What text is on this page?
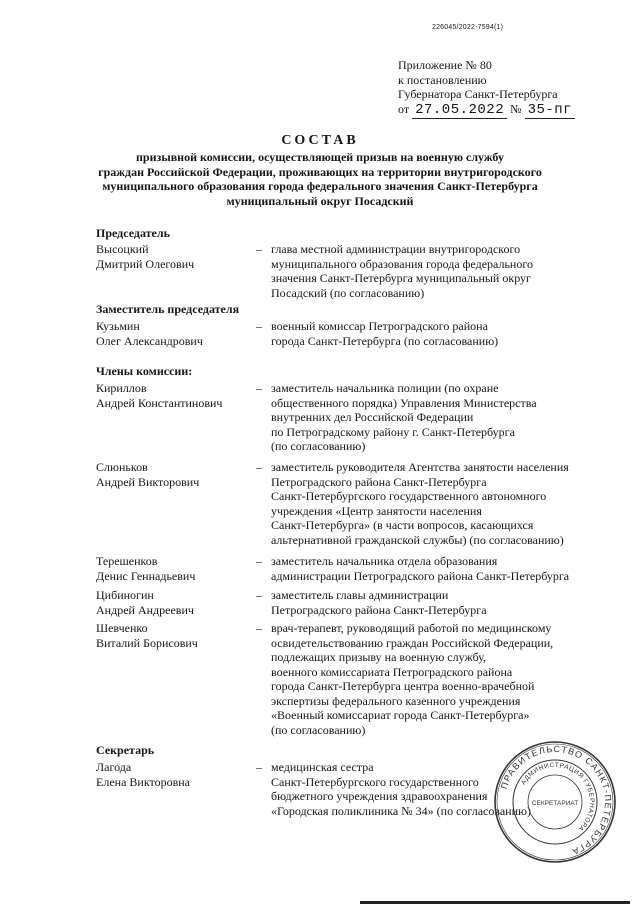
226045/2022-7594(1)
Приложение № 80
к постановлению
Губернатора Санкт-Петербурга
от 27.05.2022 № 35-пг
СОСТАВ
призывной комиссии, осуществляющей призыв на военную службу
граждан Российской Федерации, проживающих на территории внутригородского
муниципального образования города федерального значения Санкт-Петербурга
муниципальный округ Посадский
Председатель
Высоцкий
Дмитрий Олегович
– глава местной администрации внутригородского
муниципального образования города федерального
значения Санкт-Петербурга муниципальный округ
Посадский (по согласованию)
Заместитель председателя
Кузьмин
Олег Александрович
– военный комиссар Петроградского района
города Санкт-Петербурга (по согласованию)
Члены комиссии:
Кириллов
Андрей Константинович
– заместитель начальника полиции (по охране
общественного порядка) Управления Министерства
внутренних дел Российской Федерации
по Петроградскому району г. Санкт-Петербурга
(по согласованию)
Слюньков
Андрей Викторович
– заместитель руководителя Агентства занятости населения
Петроградского района Санкт-Петербурга
Санкт-Петербургского государственного автономного
учреждения «Центр занятости населения
Санкт-Петербурга» (в части вопросов, касающихся
альтернативной гражданской службы) (по согласованию)
Терешенков
Денис Геннадьевич
– заместитель начальника отдела образования
администрации Петроградского района Санкт-Петербурга
Цибиногин
Андрей Андреевич
– заместитель главы администрации
Петроградского района Санкт-Петербурга
Шевченко
Виталий Борисович
– врач-терапевт, руководящий работой по медицинскому
освидетельствованию граждан Российской Федерации,
подлежащих призыву на военную службу,
военного комиссариата Петроградского района
города Санкт-Петербурга центра военно-врачебной
экспертизы федерального казенного учреждения
«Военный комиссариат города Санкт-Петербурга»
(по согласованию)
Секретарь
Лагода
Елена Викторовна
– медицинская сестра
Санкт-Петербургского государственного
бюджетного учреждения здравоохранения
«Городская поликлиника № 34» (по согласованию)
ПРАВИТЕЛЬСТВО САНКТ-ПЕТЕРБУРГА
АДМИНИСТРАЦИЯ ГУБЕРНАТОРА
СЕКРЕТАРИАТ
